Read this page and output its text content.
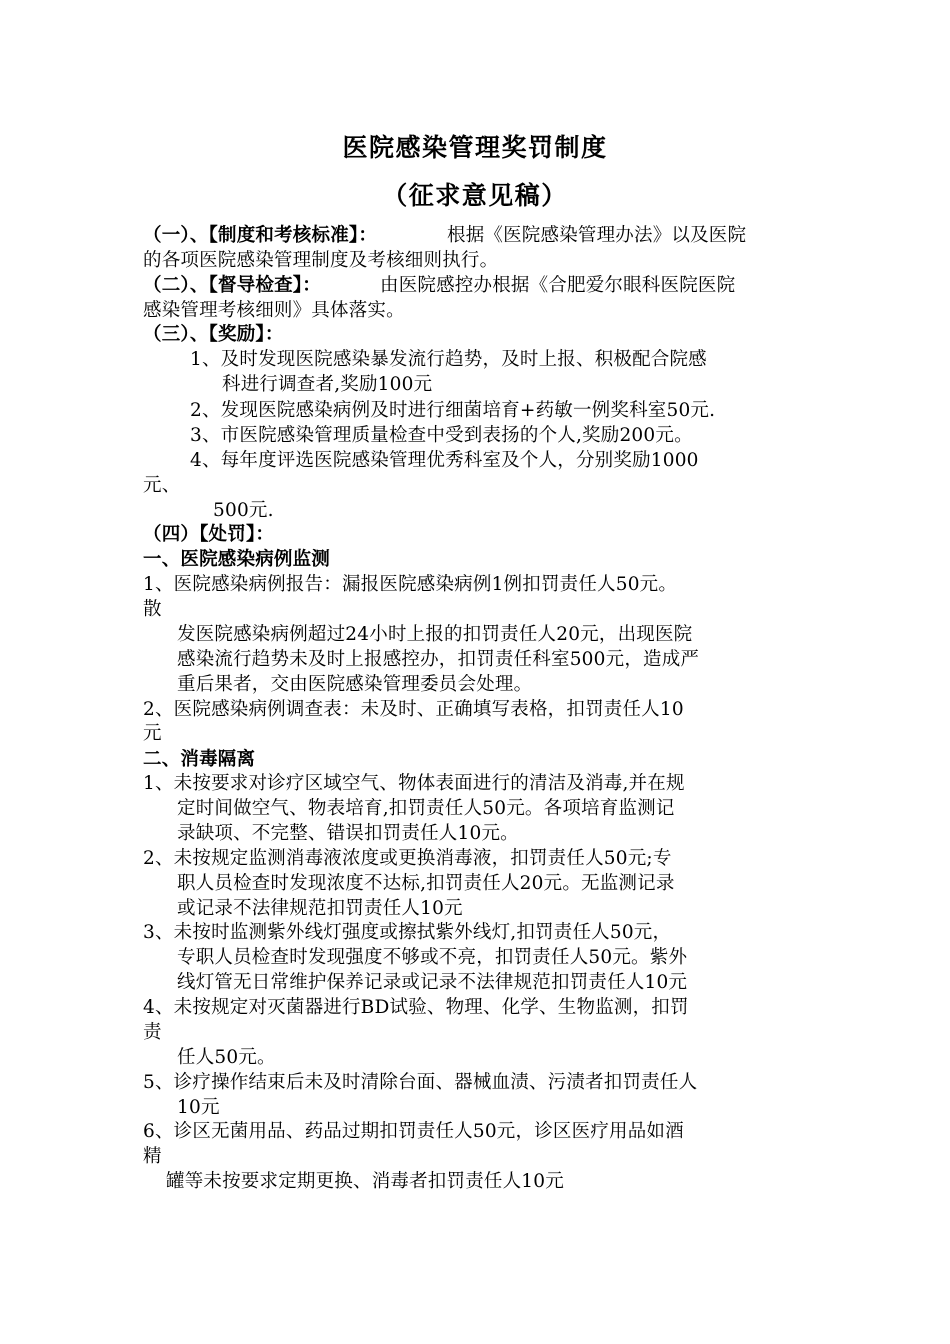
医院感染管理奖罚制度
（征求意见稿）
（一）、【制度和考核标准】：	根据《医院感染管理办法》以及医院
的各项医院感染管理制度及考核细则执行。
（二）、【督导检查】：	由医院感控办根据《合肥爱尔眼科医院医院
感染管理考核细则》具体落实。
（三）、【奖励】：
1、及时发现医院感染暴发流行趋势，及时上报、积极配合院感
科进行调查者,奖励100元
2、发现医院感染病例及时进行细菌培育+药敏一例奖科室50元.
3、市医院感染管理质量检查中受到表扬的个人,奖励200元。
4、每年度评选医院感染管理优秀科室及个人，分别奖励1000
元、
500元.
（四）【处罚】：
一、医院感染病例监测
1、医院感染病例报告：漏报医院感染病例1例扣罚责任人50元。
散
发医院感染病例超过24小时上报的扣罚责任人20元，出现医院
感染流行趋势未及时上报感控办，扣罚责任科室500元，造成严
重后果者，交由医院感染管理委员会处理。
2、医院感染病例调查表：未及时、正确填写表格，扣罚责任人10
元
二、消毒隔离
1、未按要求对诊疗区域空气、物体表面进行的清洁及消毒,并在规
定时间做空气、物表培育,扣罚责任人50元。各项培育监测记
录缺项、不完整、错误扣罚责任人10元。
2、未按规定监测消毒液浓度或更换消毒液，扣罚责任人50元;专
职人员检查时发现浓度不达标,扣罚责任人20元。无监测记录
或记录不法律规范扣罚责任人10元
3、未按时监测紫外线灯强度或擦拭紫外线灯,扣罚责任人50元，
专职人员检查时发现强度不够或不亮，扣罚责任人50元。紫外
线灯管无日常维护保养记录或记录不法律规范扣罚责任人10元
4、未按规定对灭菌器进行BD试验、物理、化学、生物监测，扣罚
责
任人50元。
5、诊疗操作结束后未及时清除台面、器械血渍、污渍者扣罚责任人
10元
6、诊区无菌用品、药品过期扣罚责任人50元，诊区医疗用品如酒
精
罐等未按要求定期更换、消毒者扣罚责任人10元
